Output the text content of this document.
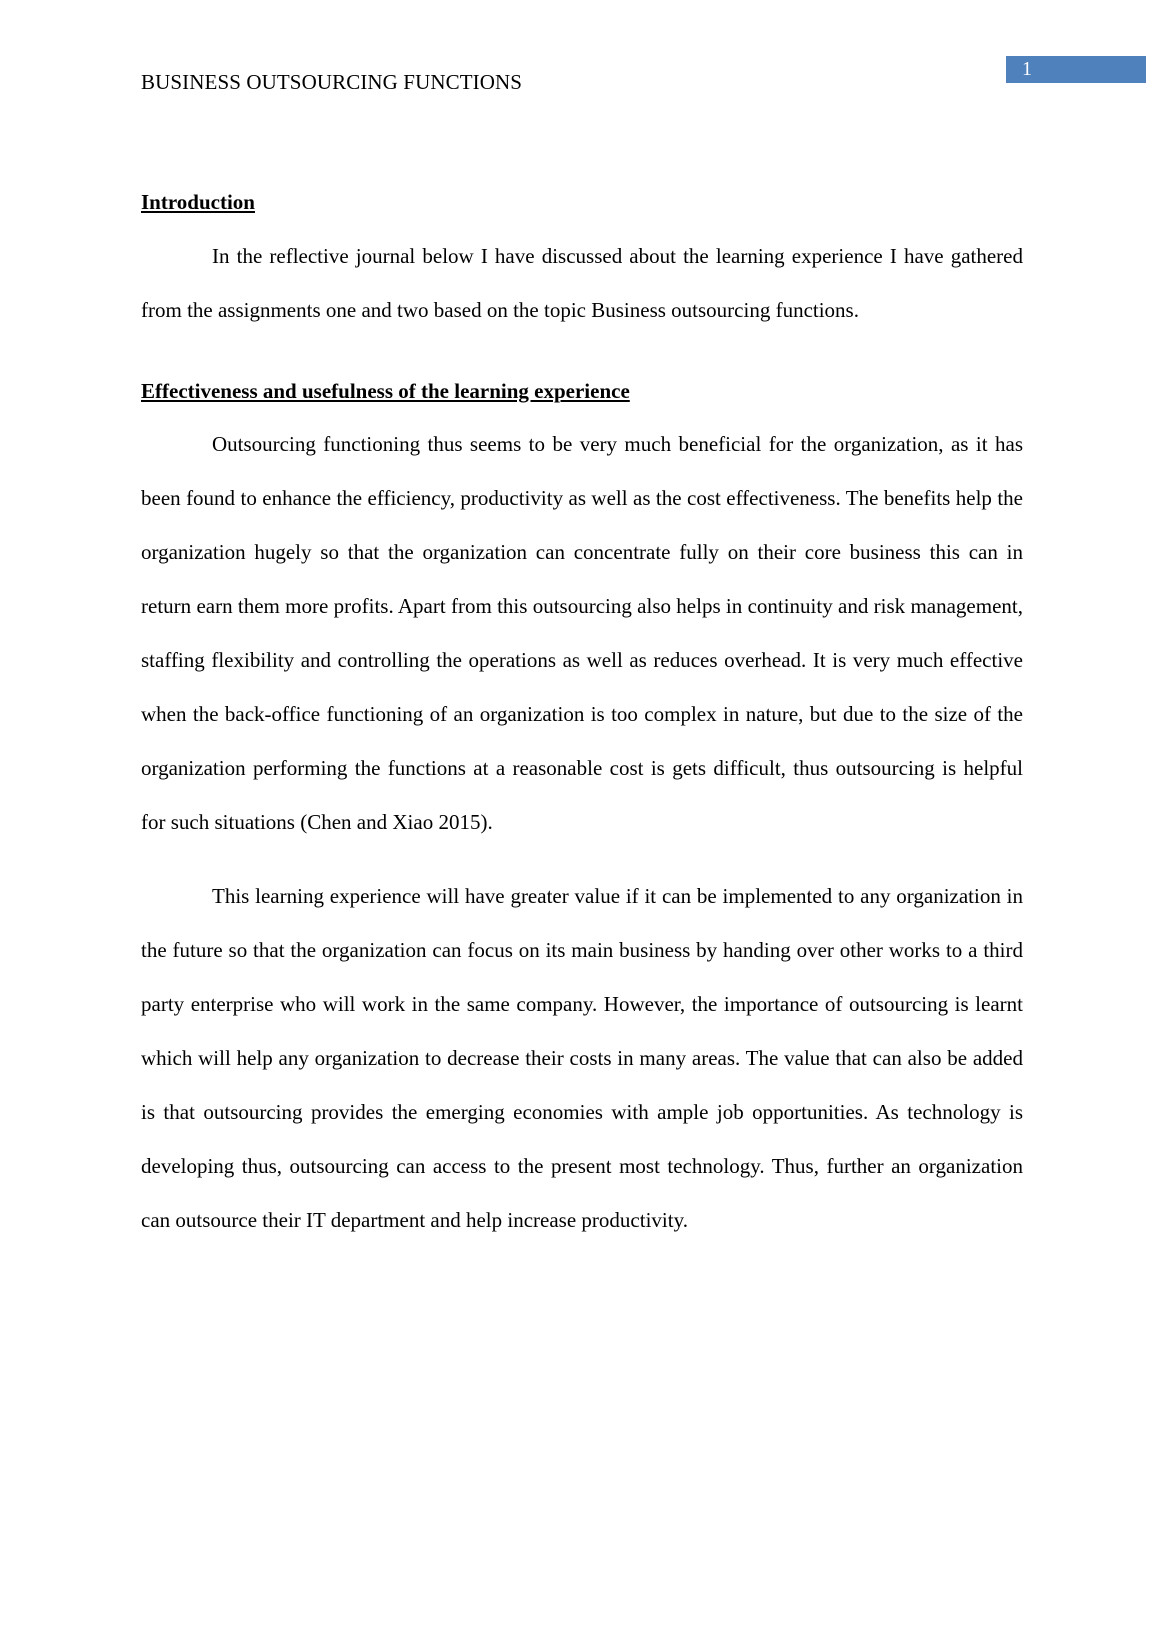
1
BUSINESS OUTSOURCING FUNCTIONS
Introduction

In the reflective journal below I have discussed about the learning experience I have gathered from the assignments one and two based on the topic Business outsourcing functions.

Effectiveness and usefulness of the learning experience

Outsourcing functioning thus seems to be very much beneficial for the organization, as it has been found to enhance the efficiency, productivity as well as the cost effectiveness. The benefits help the organization hugely so that the organization can concentrate fully on their core business this can in return earn them more profits. Apart from this outsourcing also helps in continuity and risk management, staffing flexibility and controlling the operations as well as reduces overhead. It is very much effective when the back-office functioning of an organization is too complex in nature, but due to the size of the organization performing the functions at a reasonable cost is gets difficult, thus outsourcing is helpful for such situations (Chen and Xiao 2015).

This learning experience will have greater value if it can be implemented to any organization in the future so that the organization can focus on its main business by handing over other works to a third party enterprise who will work in the same company. However, the importance of outsourcing is learnt which will help any organization to decrease their costs in many areas. The value that can also be added is that outsourcing provides the emerging economies with ample job opportunities. As technology is developing thus, outsourcing can access to the present most technology. Thus, further an organization can outsource their IT department and help increase productivity.
